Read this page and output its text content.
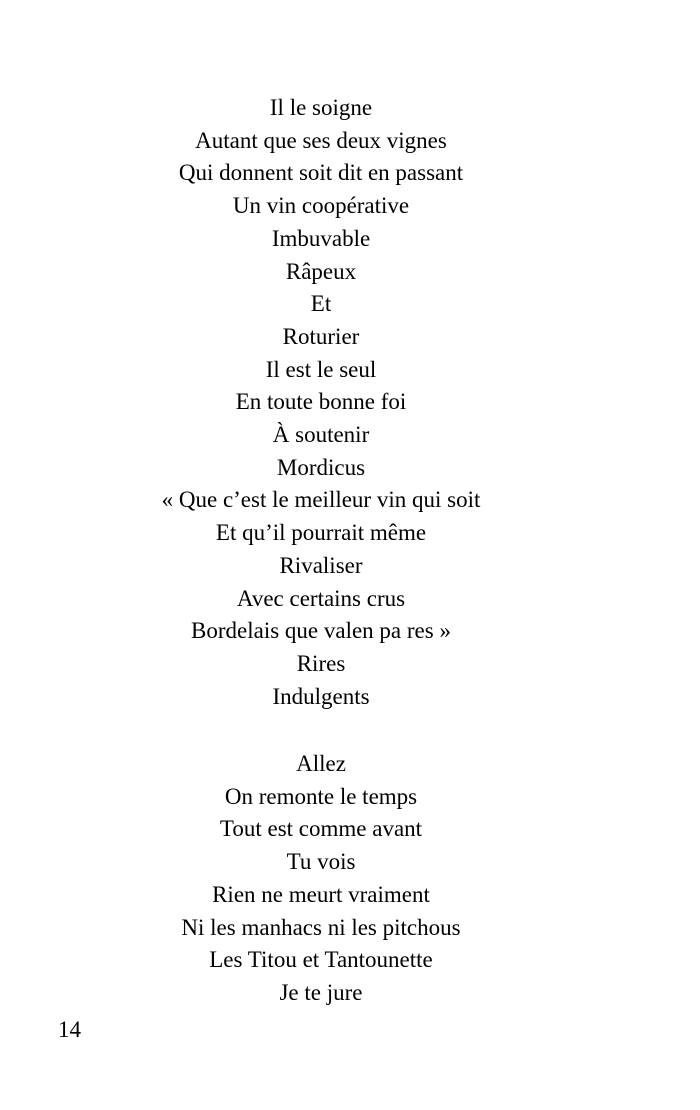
Il le soigne
Autant que ses deux vignes
Qui donnent soit dit en passant
Un vin coopérative
Imbuvable
Râpeux
Et
Roturier
Il est le seul
En toute bonne foi
À soutenir
Mordicus
« Que c’est le meilleur vin qui soit
Et qu’il pourrait même
Rivaliser
Avec certains crus
Bordelais que valen pa res »
Rires
Indulgents
Allez
On remonte le temps
Tout est comme avant
Tu vois
Rien ne meurt vraiment
Ni les manhacs ni les pitchous
Les Titou et Tantounette
Je te jure
14
